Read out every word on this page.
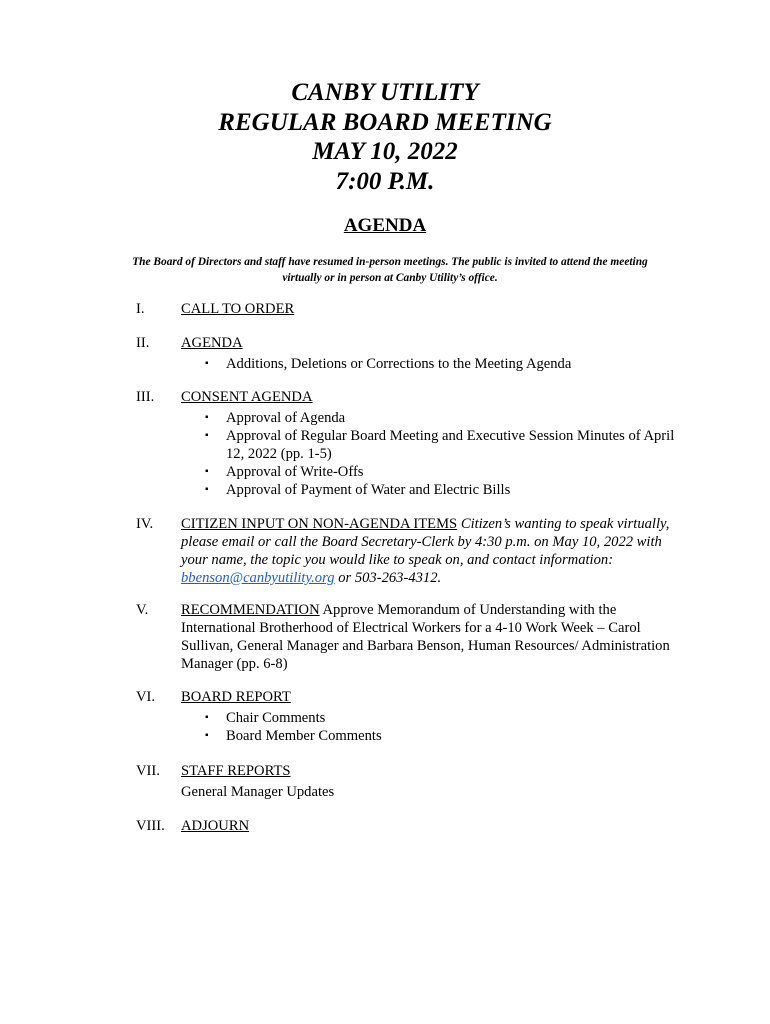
CANBY UTILITY
REGULAR BOARD MEETING
MAY 10, 2022
7:00 P.M.
AGENDA
The Board of Directors and staff have resumed in-person meetings. The public is invited to attend the meeting
virtually or in person at Canby Utility’s office.
I. CALL TO ORDER
II. AGENDA
▪ Additions, Deletions or Corrections to the Meeting Agenda
III. CONSENT AGENDA
▪ Approval of Agenda
▪ Approval of Regular Board Meeting and Executive Session Minutes of April 12, 2022 (pp. 1-5)
▪ Approval of Write-Offs
▪ Approval of Payment of Water and Electric Bills
IV. CITIZEN INPUT ON NON-AGENDA ITEMS Citizen’s wanting to speak virtually, please email or call the Board Secretary-Clerk by 4:30 p.m. on May 10, 2022 with your name, the topic you would like to speak on, and contact information: bbenson@canbyutility.org or 503-263-4312.
V. RECOMMENDATION Approve Memorandum of Understanding with the International Brotherhood of Electrical Workers for a 4-10 Work Week – Carol Sullivan, General Manager and Barbara Benson, Human Resources/ Administration Manager (pp. 6-8)
VI. BOARD REPORT
▪ Chair Comments
▪ Board Member Comments
VII. STAFF REPORTS
General Manager Updates
VIII. ADJOURN
